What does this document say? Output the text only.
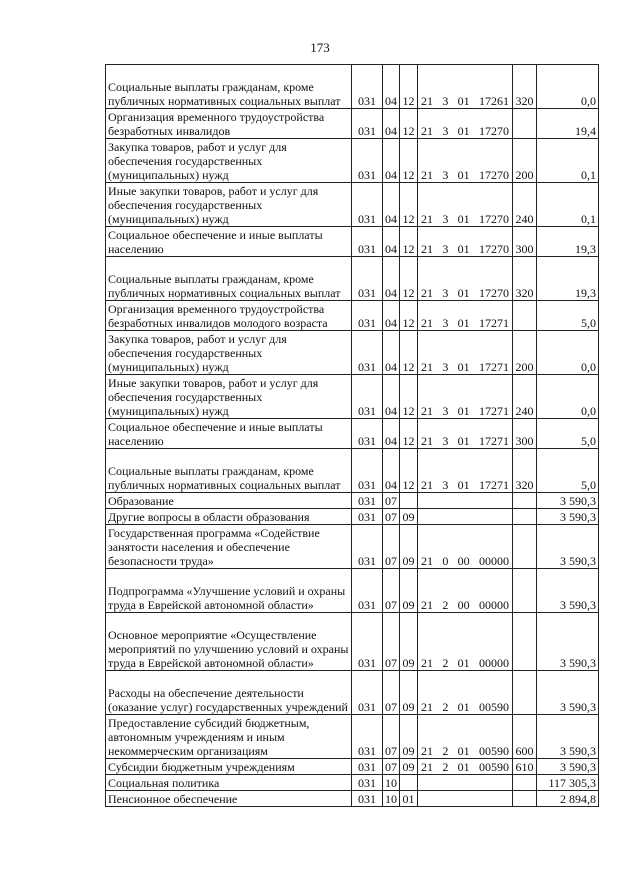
173
Социальные выплаты гражданам, кроме публичных нормативных социальных выплат	031	04	12	21 3 01 17261	320	0,0
Организация временного трудоустройства безработных инвалидов	031	04	12	21 3 01 17270		19,4
Закупка товаров, работ и услуг для обеспечения государственных (муниципальных) нужд	031	04	12	21 3 01 17270	200	0,1
Иные закупки товаров, работ и услуг для обеспечения государственных (муниципальных) нужд	031	04	12	21 3 01 17270	240	0,1
Социальное обеспечение и иные выплаты населению	031	04	12	21 3 01 17270	300	19,3
Социальные выплаты гражданам, кроме публичных нормативных социальных выплат	031	04	12	21 3 01 17270	320	19,3
Организация временного трудоустройства безработных инвалидов молодого возраста	031	04	12	21 3 01 17271		5,0
Закупка товаров, работ и услуг для обеспечения государственных (муниципальных) нужд	031	04	12	21 3 01 17271	200	0,0
Иные закупки товаров, работ и услуг для обеспечения государственных (муниципальных) нужд	031	04	12	21 3 01 17271	240	0,0
Социальное обеспечение и иные выплаты населению	031	04	12	21 3 01 17271	300	5,0
Социальные выплаты гражданам, кроме публичных нормативных социальных выплат	031	04	12	21 3 01 17271	320	5,0
Образование	031	07				3 590,3
Другие вопросы в области образования	031	07	09			3 590,3
Государственная программа «Содействие занятости населения и обеспечение безопасности труда»	031	07	09	21 0 00 00000		3 590,3
Подпрограмма «Улучшение условий и охраны труда в Еврейской автономной области»	031	07	09	21 2 00 00000		3 590,3
Основное мероприятие «Осуществление мероприятий по улучшению условий и охраны труда в Еврейской автономной области»	031	07	09	21 2 01 00000		3 590,3
Расходы на обеспечение деятельности (оказание услуг) государственных учреждений	031	07	09	21 2 01 00590		3 590,3
Предоставление субсидий бюджетным, автономным учреждениям и иным некоммерческим организациям	031	07	09	21 2 01 00590	600	3 590,3
Субсидии бюджетным учреждениям	031	07	09	21 2 01 00590	610	3 590,3
Социальная политика	031	10				117 305,3
Пенсионное обеспечение	031	10	01			2 894,8
